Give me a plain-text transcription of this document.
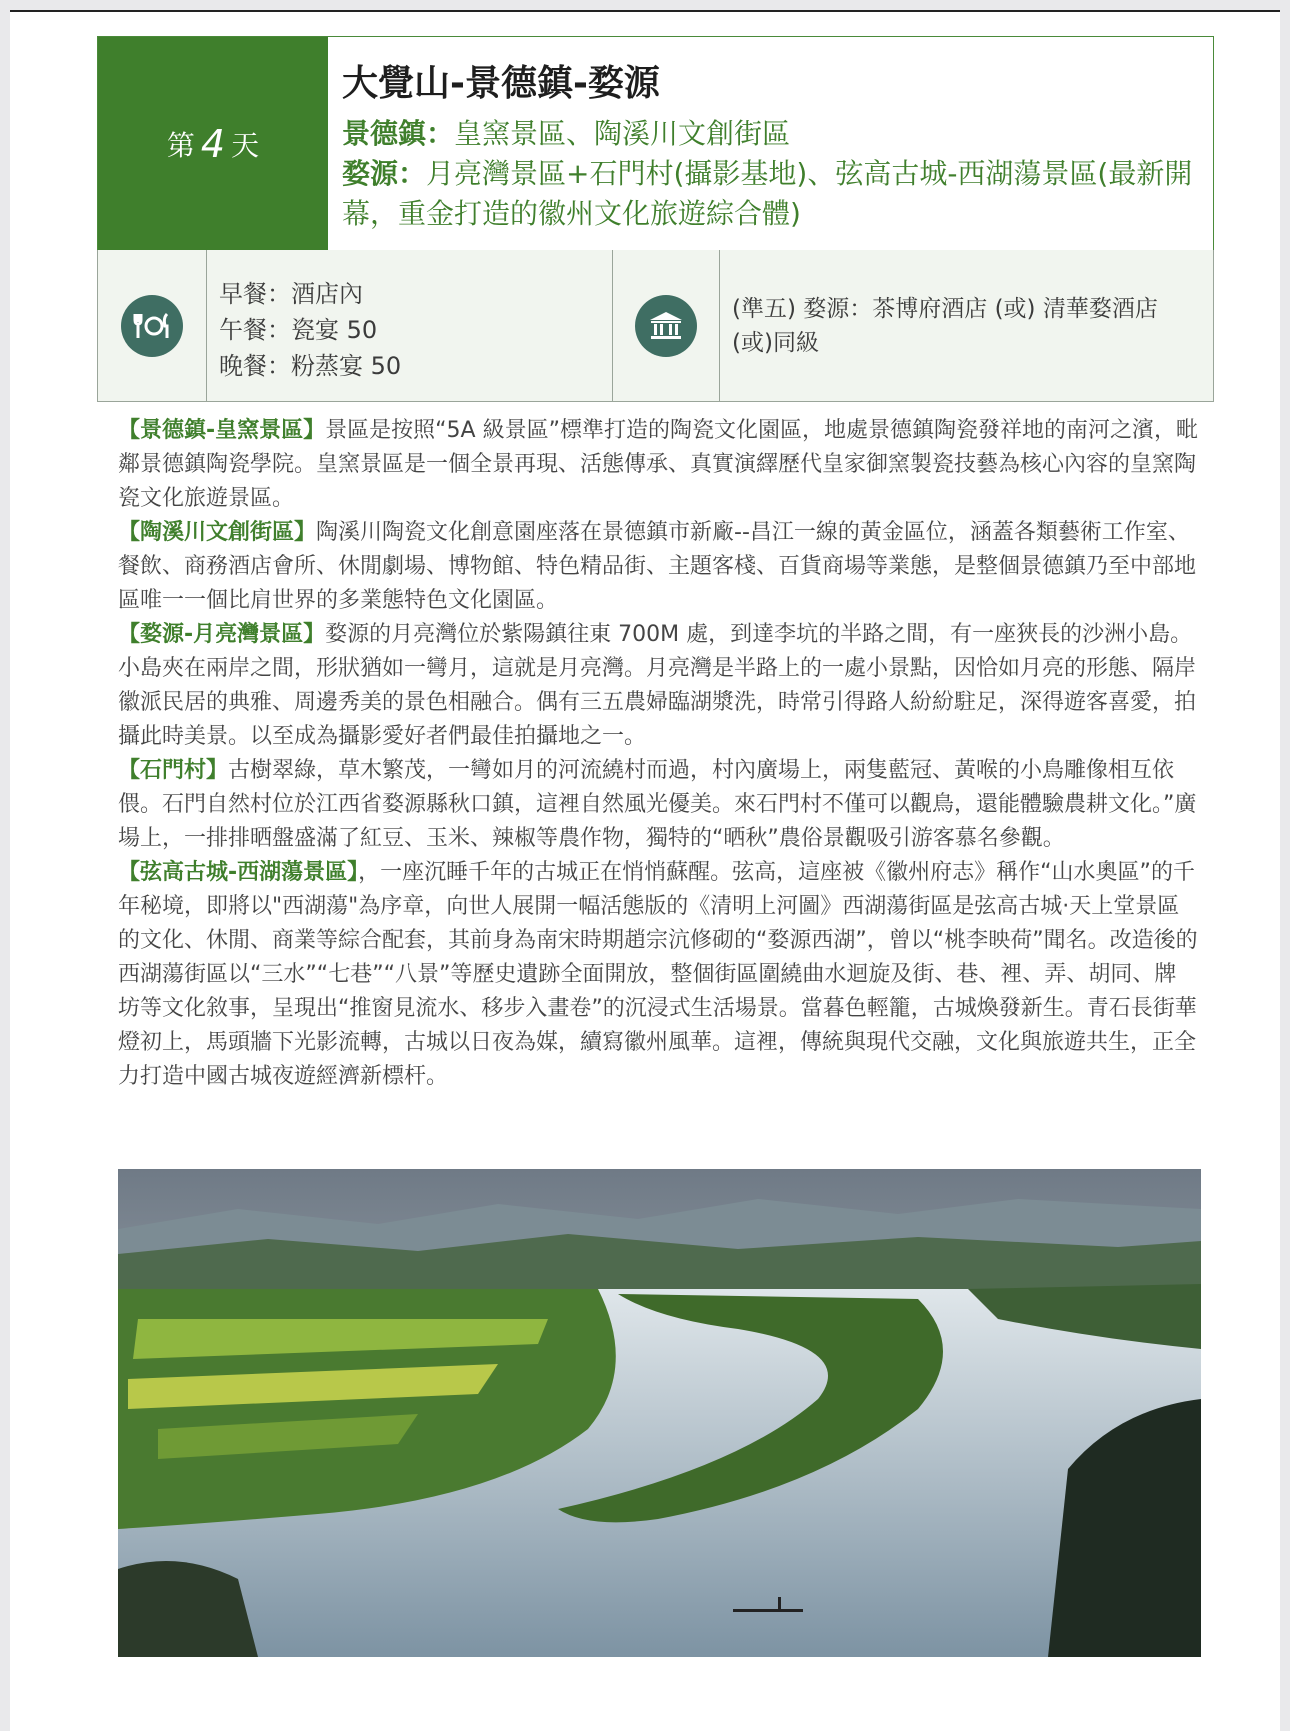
第 4 天
大覺山-景德鎮-婺源
景德鎮：皇窯景區、陶溪川文創街區
婺源：月亮灣景區+石門村(攝影基地)、弦高古城-西湖蕩景區(最新開幕，重金打造的徽州文化旅遊綜合體)
早餐：酒店內
午餐：瓷宴 50
晚餐：粉蒸宴 50
(準五) 婺源：茶博府酒店 (或) 清華婺酒店 (或)同級

【景德鎮-皇窯景區】景區是按照“5A 級景區”標準打造的陶瓷文化園區，地處景德鎮陶瓷發祥地的南河之濱，毗鄰景德鎮陶瓷學院。皇窯景區是一個全景再現、活態傳承、真實演繹歷代皇家御窯製瓷技藝為核心內容的皇窯陶瓷文化旅遊景區。

【陶溪川文創街區】陶溪川陶瓷文化創意園座落在景德鎮市新廠--昌江一線的黃金區位，涵蓋各類藝術工作室、餐飲、商務酒店會所、休閒劇場、博物館、特色精品街、主題客棧、百貨商場等業態，是整個景德鎮乃至中部地區唯一一個比肩世界的多業態特色文化園區。

【婺源-月亮灣景區】婺源的月亮灣位於紫陽鎮往東 700M 處，到達李坑的半路之間，有一座狹長的沙洲小島。小島夾在兩岸之間，形狀猶如一彎月，這就是月亮灣。月亮灣是半路上的一處小景點，因恰如月亮的形態、隔岸徽派民居的典雅、周邊秀美的景色相融合。偶有三五農婦臨湖漿洗，時常引得路人紛紛駐足，深得遊客喜愛，拍攝此時美景。以至成為攝影愛好者們最佳拍攝地之一。

【石門村】古樹翠綠，草木繁茂，一彎如月的河流繞村而過，村內廣場上，兩隻藍冠、黃喉的小鳥雕像相互依偎。石門自然村位於江西省婺源縣秋口鎮，這裡自然風光優美。來石門村不僅可以觀鳥，還能體驗農耕文化。”廣場上，一排排晒盤盛滿了紅豆、玉米、辣椒等農作物，獨特的“晒秋”農俗景觀吸引游客慕名參觀。

【弦高古城-西湖蕩景區】，一座沉睡千年的古城正在悄悄蘇醒。弦高，這座被《徽州府志》稱作“山水奧區”的千年秘境，即將以"西湖蕩"為序章，向世人展開一幅活態版的《清明上河圖》西湖蕩街區是弦高古城·天上堂景區的文化、休閒、商業等綜合配套，其前身為南宋時期趙宗沆修砌的“婺源西湖”，曾以“桃李映荷”聞名。改造後的西湖蕩街區以“三水”“七巷”“八景”等歷史遺跡全面開放，整個街區圍繞曲水迴旋及街、巷、裡、弄、胡同、牌坊等文化敘事，呈現出“推窗見流水、移步入畫卷”的沉浸式生活場景。當暮色輕籠，古城煥發新生。青石長街華燈初上，馬頭牆下光影流轉，古城以日夜為媒，續寫徽州風華。這裡，傳統與現代交融，文化與旅遊共生，正全力打造中國古城夜遊經濟新標杆。
